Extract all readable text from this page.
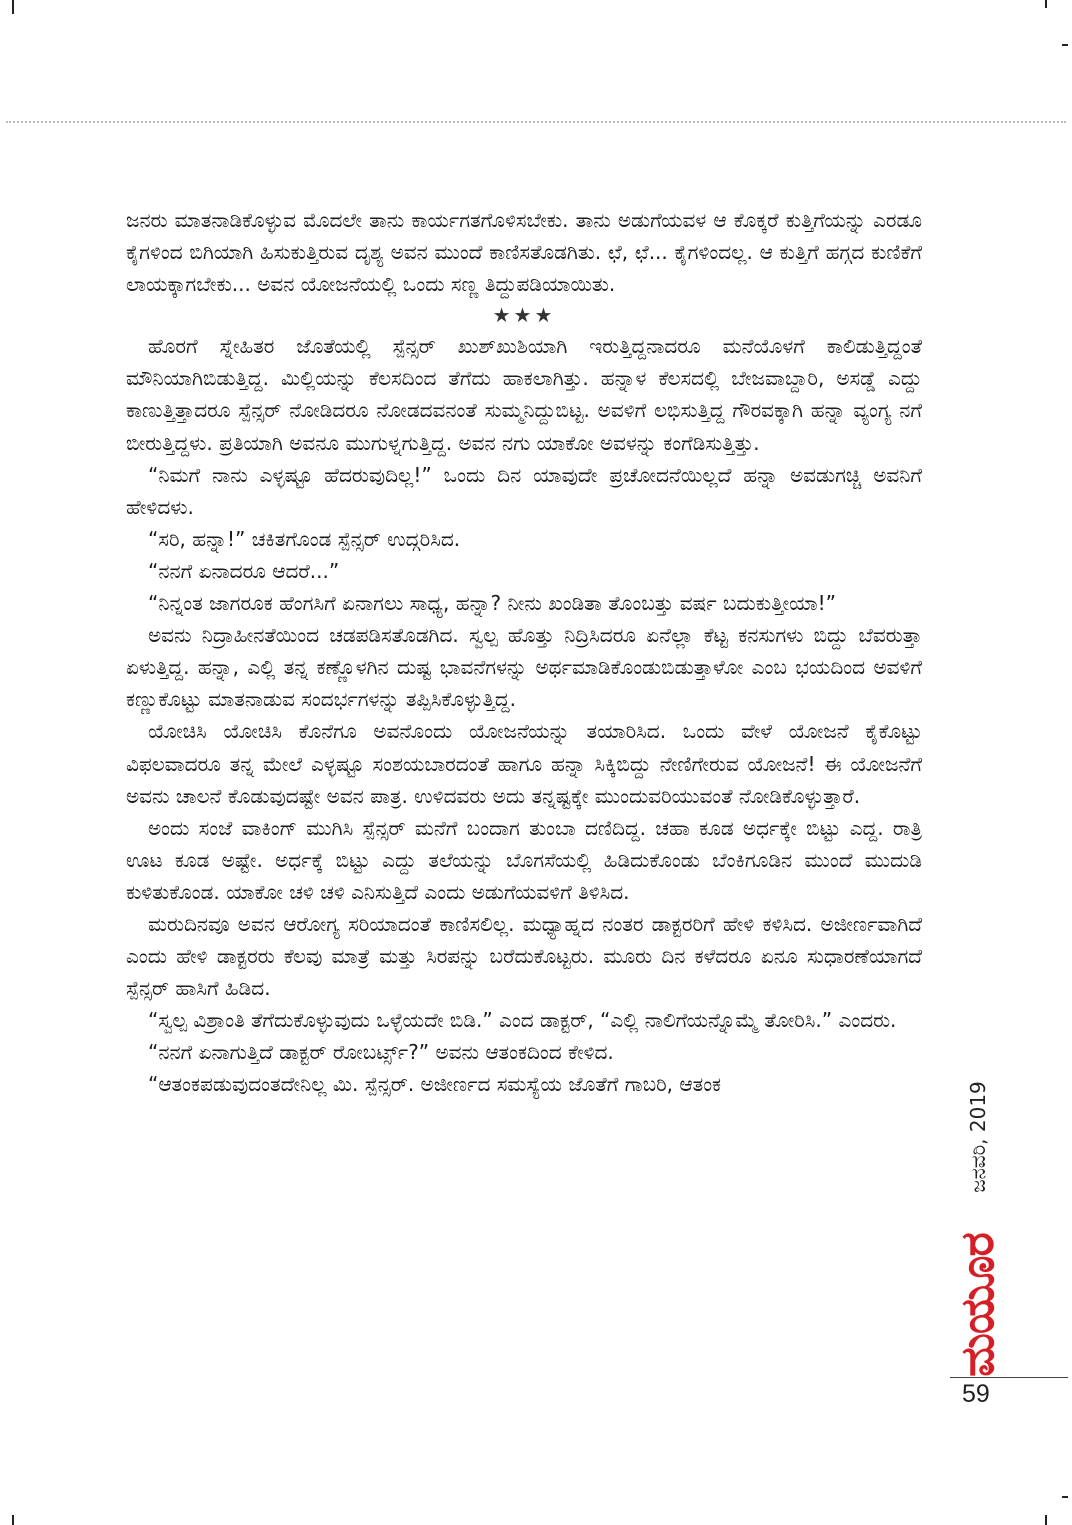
ಜನರು ಮಾತನಾಡಿಕೊಳ್ಳುವ ಮೊದಲೇ ತಾನು ಕಾರ್ಯಗತಗೊಳಿಸಬೇಕು. ತಾನು ಅಡುಗೆಯವಳ ಆ ಕೊಕ್ಕರೆ ಕುತ್ತಿಗೆಯನ್ನು ಎರಡೂ ಕೈಗಳಿಂದ ಬಿಗಿಯಾಗಿ ಹಿಸುಕುತ್ತಿರುವ ದೃಶ್ಯ ಅವನ ಮುಂದೆ ಕಾಣಿಸತೊಡಗಿತು. ಛೆ, ಛೆ... ಕೈಗಳಿಂದಲ್ಲ. ಆ ಕುತ್ತಿಗೆ ಹಗ್ಗದ ಕುಣಿಕೆಗೆ ಲಾಯಕ್ಕಾಗಬೇಕು... ಅವನ ಯೋಜನೆಯಲ್ಲಿ ಒಂದು ಸಣ್ಣ ತಿದ್ದುಪಡಿಯಾಯಿತು.

★★★

ಹೊರಗೆ ಸ್ನೇಹಿತರ ಜೊತೆಯಲ್ಲಿ ಸ್ಪೆನ್ಸರ್ ಖುಶ್‌ಖುಶಿಯಾಗಿ ಇರುತ್ತಿದ್ದನಾದರೂ ಮನೆಯೊಳಗೆ ಕಾಲಿಡುತ್ತಿದ್ದಂತೆ ಮೌನಿಯಾಗಿಬಿಡುತ್ತಿದ್ದ. ಮಿಲ್ಲಿಯನ್ನು ಕೆಲಸದಿಂದ ತೆಗೆದು ಹಾಕಲಾಗಿತ್ತು. ಹನ್ನಾಳ ಕೆಲಸದಲ್ಲಿ ಬೇಜವಾಬ್ದಾರಿ, ಅಸಡ್ಡೆ ಎದ್ದು ಕಾಣುತ್ತಿತ್ತಾದರೂ ಸ್ಪೆನ್ಸರ್ ನೋಡಿದರೂ ನೋಡದವನಂತೆ ಸುಮ್ಮನಿದ್ದುಬಿಟ್ಟ. ಅವಳಿಗೆ ಲಭಿಸುತ್ತಿದ್ದ ಗೌರವಕ್ಕಾಗಿ ಹನ್ನಾ ವ್ಯಂಗ್ಯ ನಗೆ ಬೀರುತ್ತಿದ್ದಳು. ಪ್ರತಿಯಾಗಿ ಅವನೂ ಮುಗುಳ್ನಗುತ್ತಿದ್ದ. ಅವನ ನಗು ಯಾಕೋ ಅವಳನ್ನು ಕಂಗೆಡಿಸುತ್ತಿತ್ತು.

“ನಿಮಗೆ ನಾನು ಎಳ್ಳಷ್ಟೂ ಹೆದರುವುದಿಲ್ಲ!” ಒಂದು ದಿನ ಯಾವುದೇ ಪ್ರಚೋದನೆಯಿಲ್ಲದೆ ಹನ್ನಾ ಅವಡುಗಚ್ಚಿ ಅವನಿಗೆ ಹೇಳಿದಳು.

“ಸರಿ, ಹನ್ನಾ!” ಚಕಿತಗೊಂಡ ಸ್ಪೆನ್ಸರ್ ಉದ್ಗರಿಸಿದ.

“ನನಗೆ ಏನಾದರೂ ಆದರೆ...”

“ನಿನ್ನಂತ ಜಾಗರೂಕ ಹೆಂಗಸಿಗೆ ಏನಾಗಲು ಸಾಧ್ಯ, ಹನ್ನಾ? ನೀನು ಖಂಡಿತಾ ತೊಂಬತ್ತು ವರ್ಷ ಬದುಕುತ್ತೀಯಾ!”

ಅವನು ನಿದ್ರಾಹೀನತೆಯಿಂದ ಚಡಪಡಿಸತೊಡಗಿದ. ಸ್ವಲ್ಪ ಹೊತ್ತು ನಿದ್ರಿಸಿದರೂ ಏನೆಲ್ಲಾ ಕೆಟ್ಟ ಕನಸುಗಳು ಬಿದ್ದು ಬೆವರುತ್ತಾ ಏಳುತ್ತಿದ್ದ. ಹನ್ನಾ, ಎಲ್ಲಿ ತನ್ನ ಕಣ್ಣೊಳಗಿನ ದುಷ್ಟ ಭಾವನೆಗಳನ್ನು ಅರ್ಥಮಾಡಿಕೊಂಡುಬಿಡುತ್ತಾಳೋ ಎಂಬ ಭಯದಿಂದ ಅವಳಿಗೆ ಕಣ್ಣುಕೊಟ್ಟು ಮಾತನಾಡುವ ಸಂದರ್ಭಗಳನ್ನು ತಪ್ಪಿಸಿಕೊಳ್ಳುತ್ತಿದ್ದ.

ಯೋಚಿಸಿ ಯೋಚಿಸಿ ಕೊನೆಗೂ ಅವನೊಂದು ಯೋಜನೆಯನ್ನು ತಯಾರಿಸಿದ. ಒಂದು ವೇಳೆ ಯೋಜನೆ ಕೈಕೊಟ್ಟು ವಿಫಲವಾದರೂ ತನ್ನ ಮೇಲೆ ಎಳ್ಳಷ್ಟೂ ಸಂಶಯಬಾರದಂತೆ ಹಾಗೂ ಹನ್ನಾ ಸಿಕ್ಕಿಬಿದ್ದು ನೇಣಿಗೇರುವ ಯೋಜನೆ! ಈ ಯೋಜನೆಗೆ ಅವನು ಚಾಲನೆ ಕೊಡುವುದಷ್ಟೇ ಅವನ ಪಾತ್ರ. ಉಳಿದವರು ಅದು ತನ್ನಷ್ಟಕ್ಕೇ ಮುಂದುವರಿಯುವಂತೆ ನೋಡಿಕೊಳ್ಳುತ್ತಾರೆ.

ಅಂದು ಸಂಜೆ ವಾಕಿಂಗ್ ಮುಗಿಸಿ ಸ್ಪೆನ್ಸರ್ ಮನೆಗೆ ಬಂದಾಗ ತುಂಬಾ ದಣಿದಿದ್ದ. ಚಹಾ ಕೂಡ ಅರ್ಧಕ್ಕೇ ಬಿಟ್ಟು ಎದ್ದ. ರಾತ್ರಿ ಊಟ ಕೂಡ ಅಷ್ಟೇ. ಅರ್ಧಕ್ಕೆ ಬಿಟ್ಟು ಎದ್ದು ತಲೆಯನ್ನು ಬೊಗಸೆಯಲ್ಲಿ ಹಿಡಿದುಕೊಂಡು ಬೆಂಕಿಗೂಡಿನ ಮುಂದೆ ಮುದುಡಿ ಕುಳಿತುಕೊಂಡ. ಯಾಕೋ ಚಳಿ ಚಳಿ ಎನಿಸುತ್ತಿದೆ ಎಂದು ಅಡುಗೆಯವಳಿಗೆ ತಿಳಿಸಿದ.

ಮರುದಿನವೂ ಅವನ ಆರೋಗ್ಯ ಸರಿಯಾದಂತೆ ಕಾಣಿಸಲಿಲ್ಲ. ಮಧ್ಯಾಹ್ನದ ನಂತರ ಡಾಕ್ಟರರಿಗೆ ಹೇಳಿ ಕಳಿಸಿದ. ಅಜೀರ್ಣವಾಗಿದೆ ಎಂದು ಹೇಳಿ ಡಾಕ್ಟರರು ಕೆಲವು ಮಾತ್ರೆ ಮತ್ತು ಸಿರಪನ್ನು ಬರೆದುಕೊಟ್ಟರು. ಮೂರು ದಿನ ಕಳೆದರೂ ಏನೂ ಸುಧಾರಣೆಯಾಗದೆ ಸ್ಪೆನ್ಸರ್ ಹಾಸಿಗೆ ಹಿಡಿದ.

“ಸ್ವಲ್ಪ ವಿಶ್ರಾಂತಿ ತೆಗೆದುಕೊಳ್ಳುವುದು ಒಳ್ಳೆಯದೇ ಬಿಡಿ.” ಎಂದ ಡಾಕ್ಟರ್, “ಎಲ್ಲಿ ನಾಲಿಗೆಯನ್ನೊಮ್ಮೆ ತೋರಿಸಿ.” ಎಂದರು.

“ನನಗೆ ಏನಾಗುತ್ತಿದೆ ಡಾಕ್ಟರ್ ರೋಬರ್ಟ್ಸ್?” ಅವನು ಆತಂಕದಿಂದ ಕೇಳಿದ.

“ಆತಂಕಪಡುವುದಂತದೇನಿಲ್ಲ ಮಿ. ಸ್ಪೆನ್ಸರ್. ಅಜೀರ್ಣದ ಸಮಸ್ಯೆಯ ಜೊತೆಗೆ ಗಾಬರಿ, ಆತಂಕ	ಜನವರಿ, 2019
ಮಯೂರ
59
